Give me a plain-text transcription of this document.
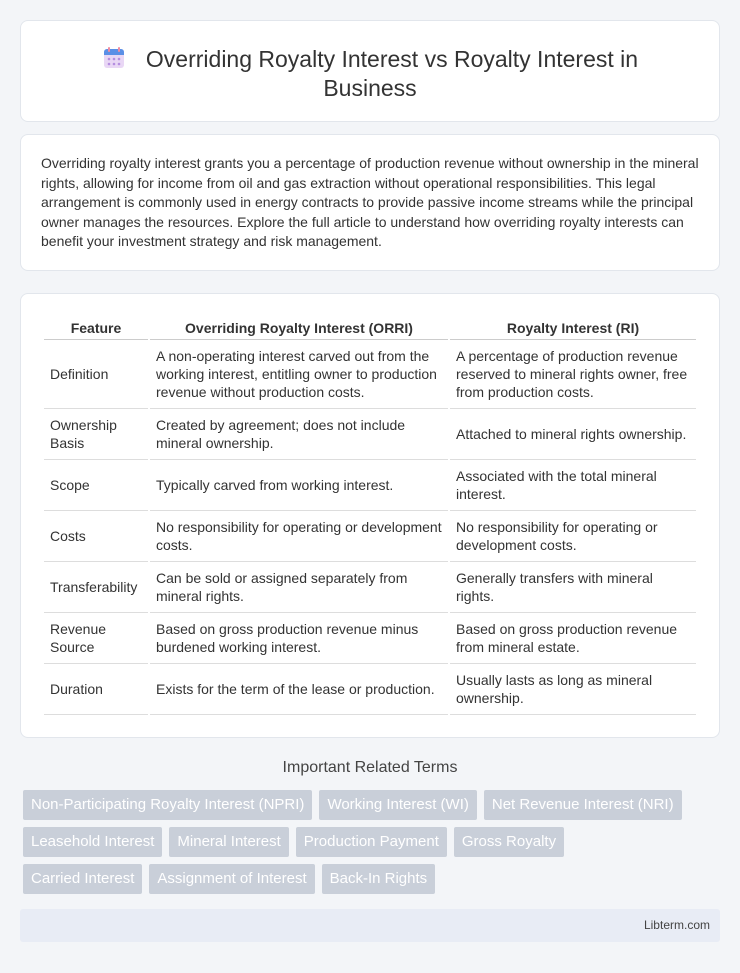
Overriding Royalty Interest vs Royalty Interest in
Business

Overriding royalty interest grants you a percentage of production revenue without ownership in the mineral rights, allowing for income from oil and gas extraction without operational responsibilities. This legal arrangement is commonly used in energy contracts to provide passive income streams while the principal owner manages the resources. Explore the full article to understand how overriding royalty interests can benefit your investment strategy and risk management.

Feature	Overriding Royalty Interest (ORRI)	Royalty Interest (RI)
Definition	A non-operating interest carved out from the working interest, entitling owner to production revenue without production costs.	A percentage of production revenue reserved to mineral rights owner, free from production costs.
Ownership Basis	Created by agreement; does not include mineral ownership.	Attached to mineral rights ownership.
Scope	Typically carved from working interest.	Associated with the total mineral interest.
Costs	No responsibility for operating or development costs.	No responsibility for operating or development costs.
Transferability	Can be sold or assigned separately from mineral rights.	Generally transfers with mineral rights.
Revenue Source	Based on gross production revenue minus burdened working interest.	Based on gross production revenue from mineral estate.
Duration	Exists for the term of the lease or production.	Usually lasts as long as mineral ownership.
Important Related Terms
Non-Participating Royalty Interest (NPRI)	Working Interest (WI)	Net Revenue Interest (NRI)
Leasehold Interest	Mineral Interest	Production Payment	Gross Royalty
Carried Interest	Assignment of Interest	Back-In Rights
Libterm.com
